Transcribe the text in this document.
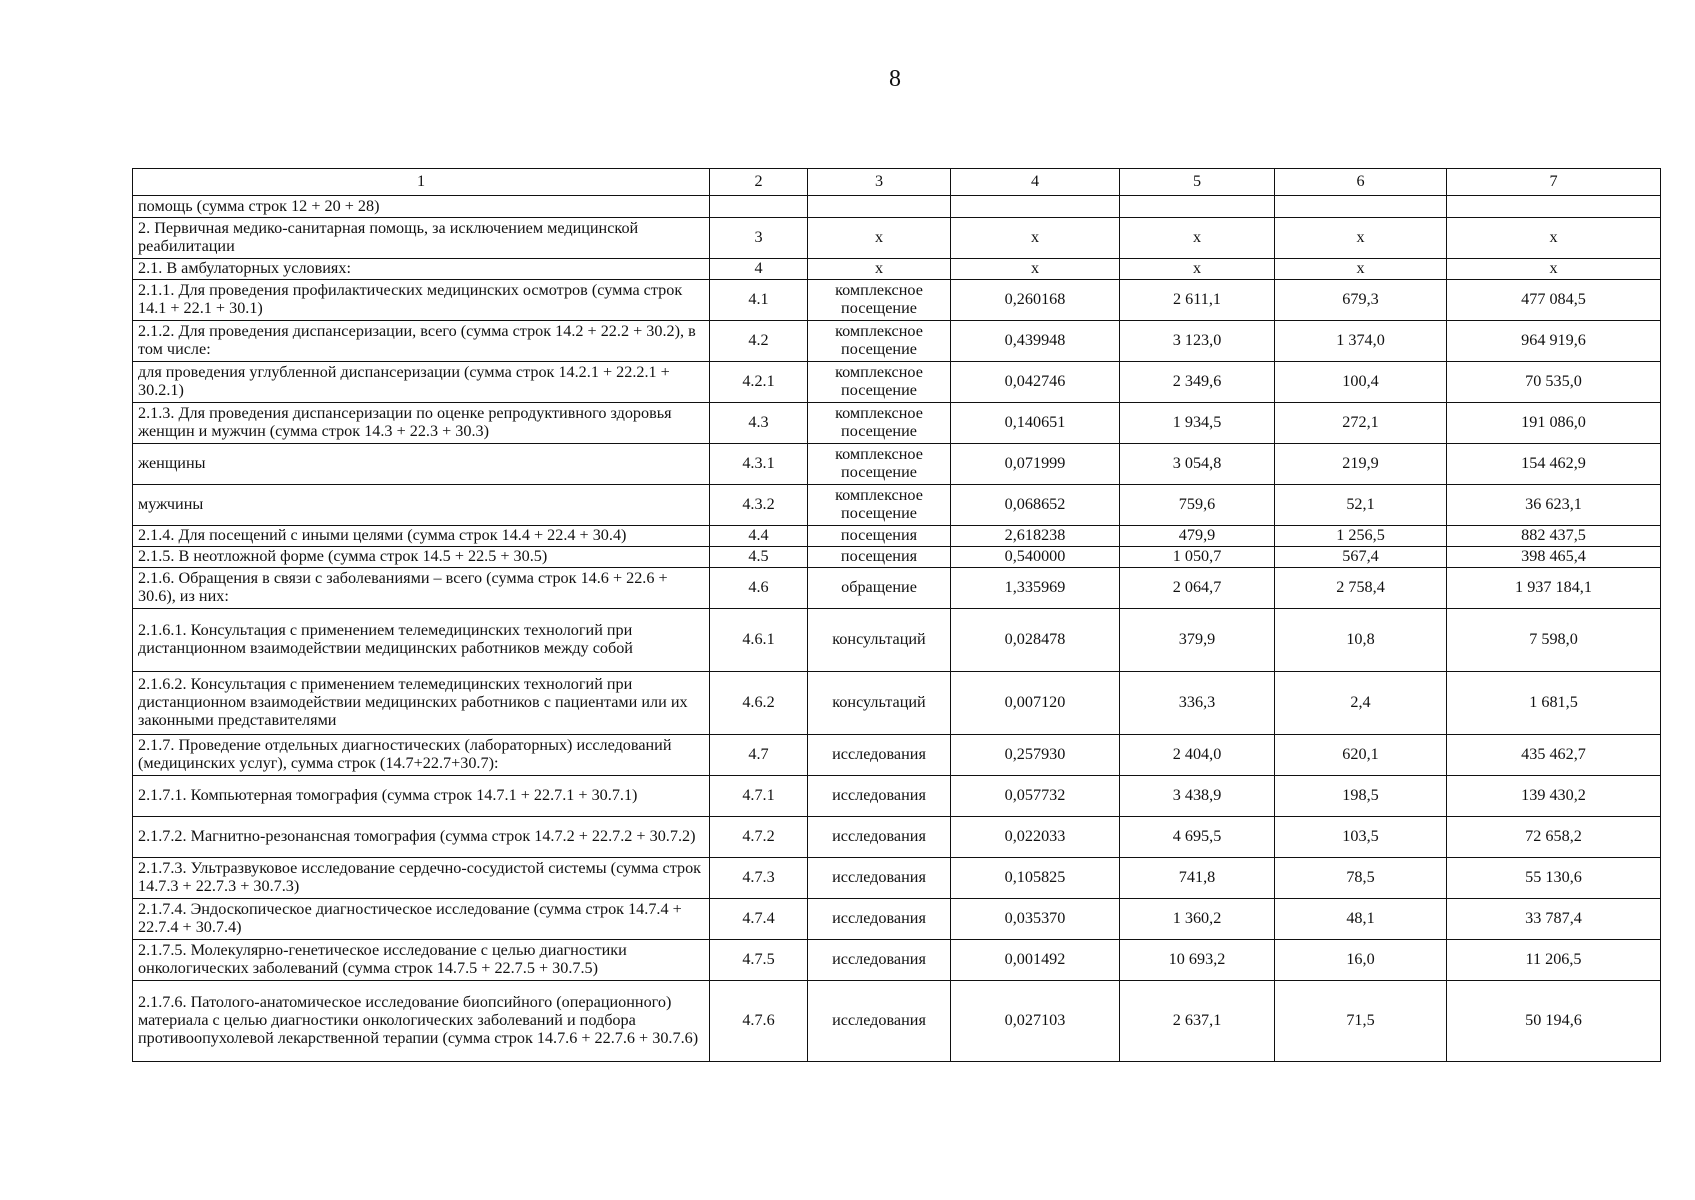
8
1	2	3	4	5	6	7
помощь (сумма строк 12 + 20 + 28)						
2. Первичная медико-санитарная помощь, за исключением медицинской реабилитации	3	x	x	x	x	x
2.1. В амбулаторных условиях:	4	x	x	x	x	x
2.1.1. Для проведения профилактических медицинских осмотров (сумма строк 14.1 + 22.1 + 30.1)	4.1	комплексное посещение	0,260168	2 611,1	679,3	477 084,5
2.1.2. Для проведения диспансеризации, всего (сумма строк 14.2 + 22.2 + 30.2), в том числе:	4.2	комплексное посещение	0,439948	3 123,0	1 374,0	964 919,6
для проведения углубленной диспансеризации (сумма строк 14.2.1 + 22.2.1 + 30.2.1)	4.2.1	комплексное посещение	0,042746	2 349,6	100,4	70 535,0
2.1.3. Для проведения диспансеризации по оценке репродуктивного здоровья женщин и мужчин (сумма строк 14.3 + 22.3 + 30.3)	4.3	комплексное посещение	0,140651	1 934,5	272,1	191 086,0
женщины	4.3.1	комплексное посещение	0,071999	3 054,8	219,9	154 462,9
мужчины	4.3.2	комплексное посещение	0,068652	759,6	52,1	36 623,1
2.1.4. Для посещений с иными целями (сумма строк 14.4 + 22.4 + 30.4)	4.4	посещения	2,618238	479,9	1 256,5	882 437,5
2.1.5. В неотложной форме (сумма строк 14.5 + 22.5 + 30.5)	4.5	посещения	0,540000	1 050,7	567,4	398 465,4
2.1.6. Обращения в связи с заболеваниями – всего (сумма строк 14.6 + 22.6 + 30.6), из них:	4.6	обращение	1,335969	2 064,7	2 758,4	1 937 184,1
2.1.6.1. Консультация с применением телемедицинских технологий при дистанционном взаимодействии медицинских работников между собой	4.6.1	консультаций	0,028478	379,9	10,8	7 598,0
2.1.6.2. Консультация с применением телемедицинских технологий при дистанционном взаимодействии медицинских работников с пациентами или их законными представителями	4.6.2	консультаций	0,007120	336,3	2,4	1 681,5
2.1.7. Проведение отдельных диагностических (лабораторных) исследований (медицинских услуг), сумма строк (14.7+22.7+30.7):	4.7	исследования	0,257930	2 404,0	620,1	435 462,7
2.1.7.1. Компьютерная томография (сумма строк 14.7.1 + 22.7.1 + 30.7.1)	4.7.1	исследования	0,057732	3 438,9	198,5	139 430,2
2.1.7.2. Магнитно-резонансная томография (сумма строк 14.7.2 + 22.7.2 + 30.7.2)	4.7.2	исследования	0,022033	4 695,5	103,5	72 658,2
2.1.7.3. Ультразвуковое исследование сердечно-сосудистой системы (сумма строк 14.7.3 + 22.7.3 + 30.7.3)	4.7.3	исследования	0,105825	741,8	78,5	55 130,6
2.1.7.4. Эндоскопическое диагностическое исследование (сумма строк 14.7.4 + 22.7.4 + 30.7.4)	4.7.4	исследования	0,035370	1 360,2	48,1	33 787,4
2.1.7.5. Молекулярно-генетическое исследование с целью диагностики онкологических заболеваний (сумма строк 14.7.5 + 22.7.5 + 30.7.5)	4.7.5	исследования	0,001492	10 693,2	16,0	11 206,5
2.1.7.6. Патолого-анатомическое исследование биопсийного (операционного) материала с целью диагностики онкологических заболеваний и подбора противоопухолевой лекарственной терапии (сумма строк 14.7.6 + 22.7.6 + 30.7.6)	4.7.6	исследования	0,027103	2 637,1	71,5	50 194,6
